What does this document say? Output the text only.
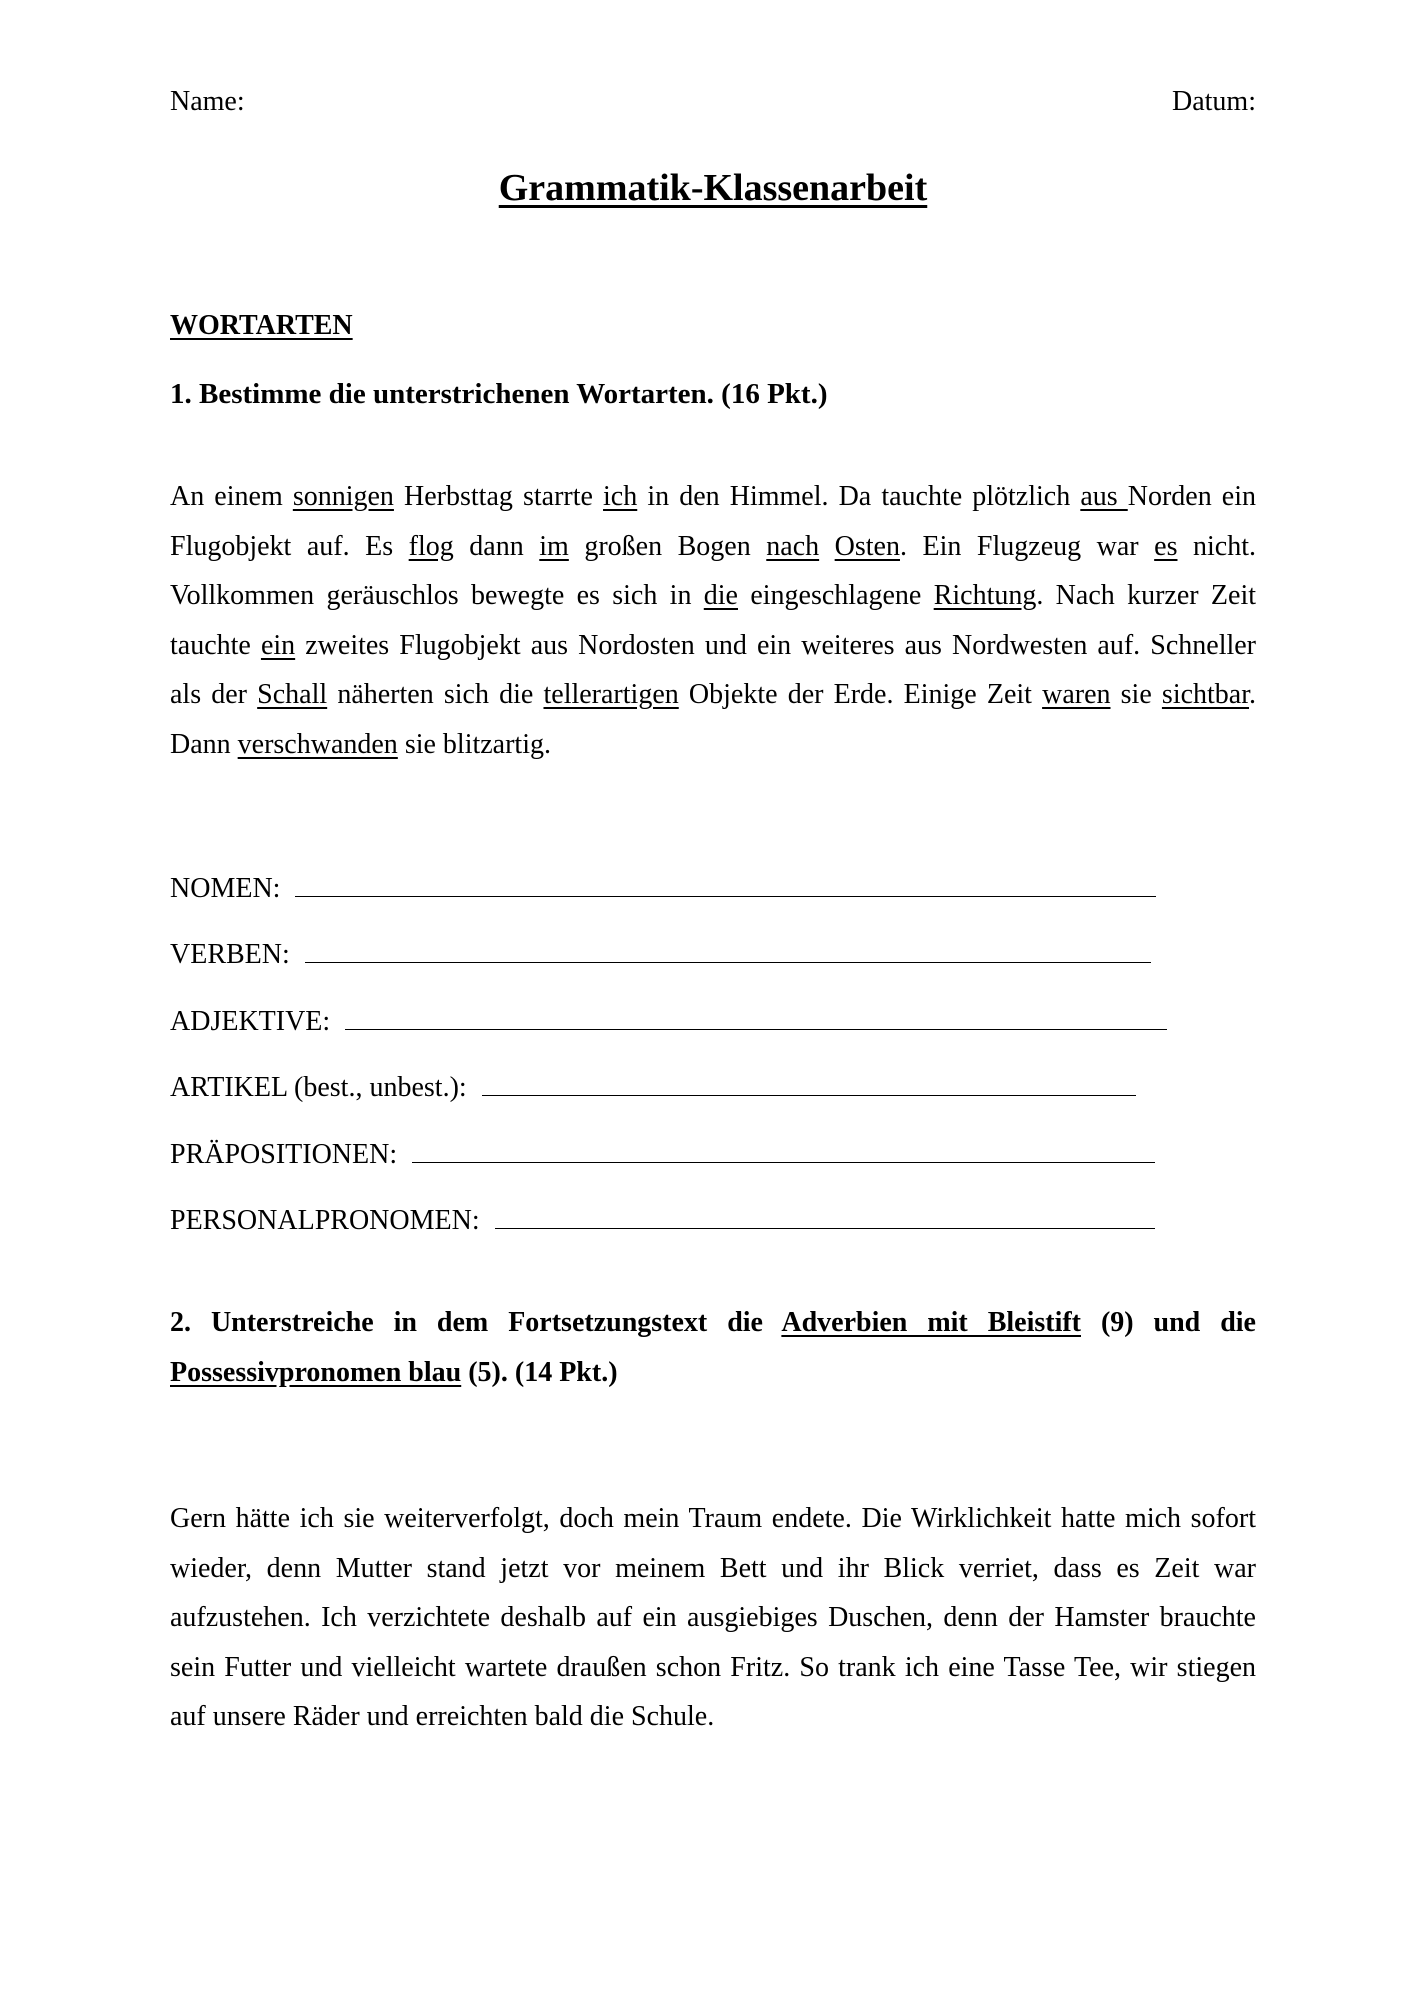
Name:	Datum:
Grammatik-Klassenarbeit
WORTARTEN
1. Bestimme die unterstrichenen Wortarten. (16 Pkt.)
An einem sonnigen Herbsttag starrte ich in den Himmel. Da tauchte plötzlich aus Norden ein Flugobjekt auf. Es flog dann im großen Bogen nach Osten. Ein Flugzeug war es nicht. Vollkommen geräuschlos bewegte es sich in die eingeschlagene Richtung. Nach kurzer Zeit tauchte ein zweites Flugobjekt aus Nordosten und ein weiteres aus Nordwesten auf. Schneller als der Schall näherten sich die tellerartigen Objekte der Erde. Einige Zeit waren sie sichtbar. Dann verschwanden sie blitzartig.
NOMEN:
VERBEN:
ADJEKTIVE:
ARTIKEL (best., unbest.):
PRÄPOSITIONEN:
PERSONALPRONOMEN:
2. Unterstreiche in dem Fortsetzungstext die Adverbien mit Bleistift (9) und die Possessivpronomen blau (5). (14 Pkt.)
Gern hätte ich sie weiterverfolgt, doch mein Traum endete. Die Wirklichkeit hatte mich sofort wieder, denn Mutter stand jetzt vor meinem Bett und ihr Blick verriet, dass es Zeit war aufzustehen. Ich verzichtete deshalb auf ein ausgiebiges Duschen, denn der Hamster brauchte sein Futter und vielleicht wartete draußen schon Fritz. So trank ich eine Tasse Tee, wir stiegen auf unsere Räder und erreichten bald die Schule.
